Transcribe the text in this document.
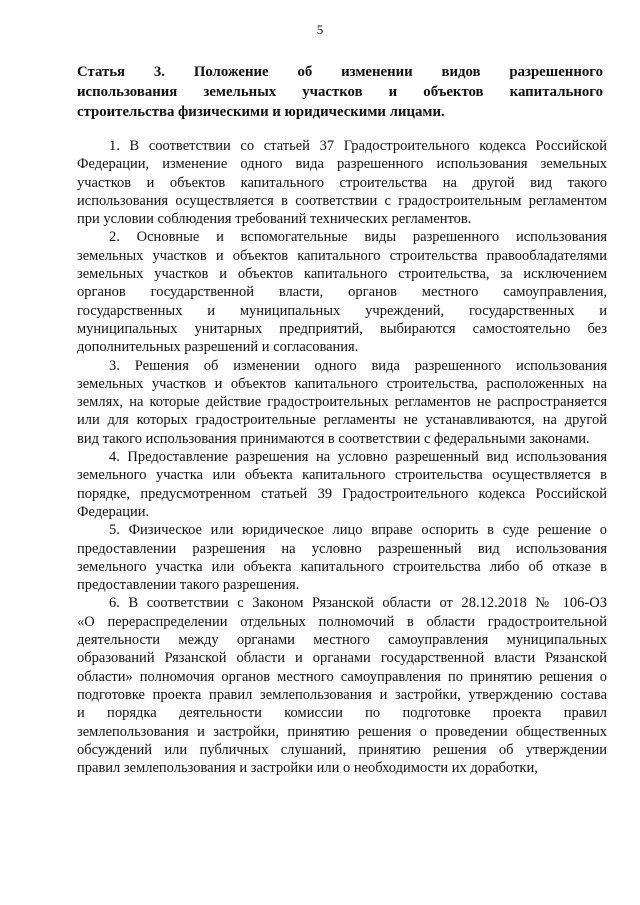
5
Статья 3. Положение об изменении видов разрешенного
использования земельных участков и объектов капитального
строительства физическими и юридическими лицами.
1. В соответствии со статьей 37 Градостроительного кодекса Российской
Федерации, изменение одного вида разрешенного использования земельных
участков и объектов капитального строительства на другой вид такого
использования осуществляется в соответствии с градостроительным регламентом
при условии соблюдения требований технических регламентов.
2. Основные и вспомогательные виды разрешенного использования
земельных участков и объектов капитального строительства правообладателями
земельных участков и объектов капитального строительства, за исключением
органов государственной власти, органов местного самоуправления,
государственных и муниципальных учреждений, государственных и
муниципальных унитарных предприятий, выбираются самостоятельно без
дополнительных разрешений и согласования.
3. Решения об изменении одного вида разрешенного использования
земельных участков и объектов капитального строительства, расположенных на
землях, на которые действие градостроительных регламентов не распространяется
или для которых градостроительные регламенты не устанавливаются, на другой
вид такого использования принимаются в соответствии с федеральными законами.
4. Предоставление разрешения на условно разрешенный вид использования
земельного участка или объекта капитального строительства осуществляется в
порядке, предусмотренном статьей 39 Градостроительного кодекса Российской
Федерации.
5. Физическое или юридическое лицо вправе оспорить в суде решение о
предоставлении разрешения на условно разрешенный вид использования
земельного участка или объекта капитального строительства либо об отказе в
предоставлении такого разрешения.
6. В соответствии с Законом Рязанской области от 28.12.2018 № 106-ОЗ
«О перераспределении отдельных полномочий в области градостроительной
деятельности между органами местного самоуправления муниципальных
образований Рязанской области и органами государственной власти Рязанской
области» полномочия органов местного самоуправления по принятию решения о
подготовке проекта правил землепользования и застройки, утверждению состава
и порядка деятельности комиссии по подготовке проекта правил
землепользования и застройки, принятию решения о проведении общественных
обсуждений или публичных слушаний, принятию решения об утверждении
правил землепользования и застройки или о необходимости их доработки,
